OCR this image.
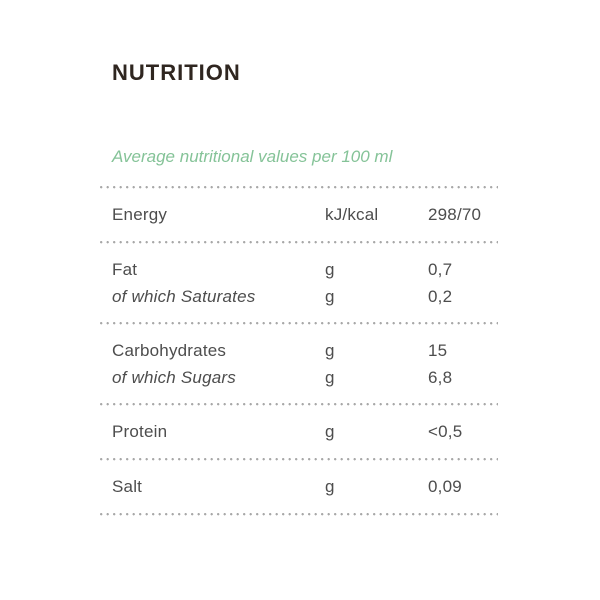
NUTRITION

Average nutritional values per 100 ml

Energy	kJ/kcal	298/70
Fat	g	0,7
of which Saturates	g	0,2
Carbohydrates	g	15
of which Sugars	g	6,8
Protein	g	<0,5
Salt	g	0,09
